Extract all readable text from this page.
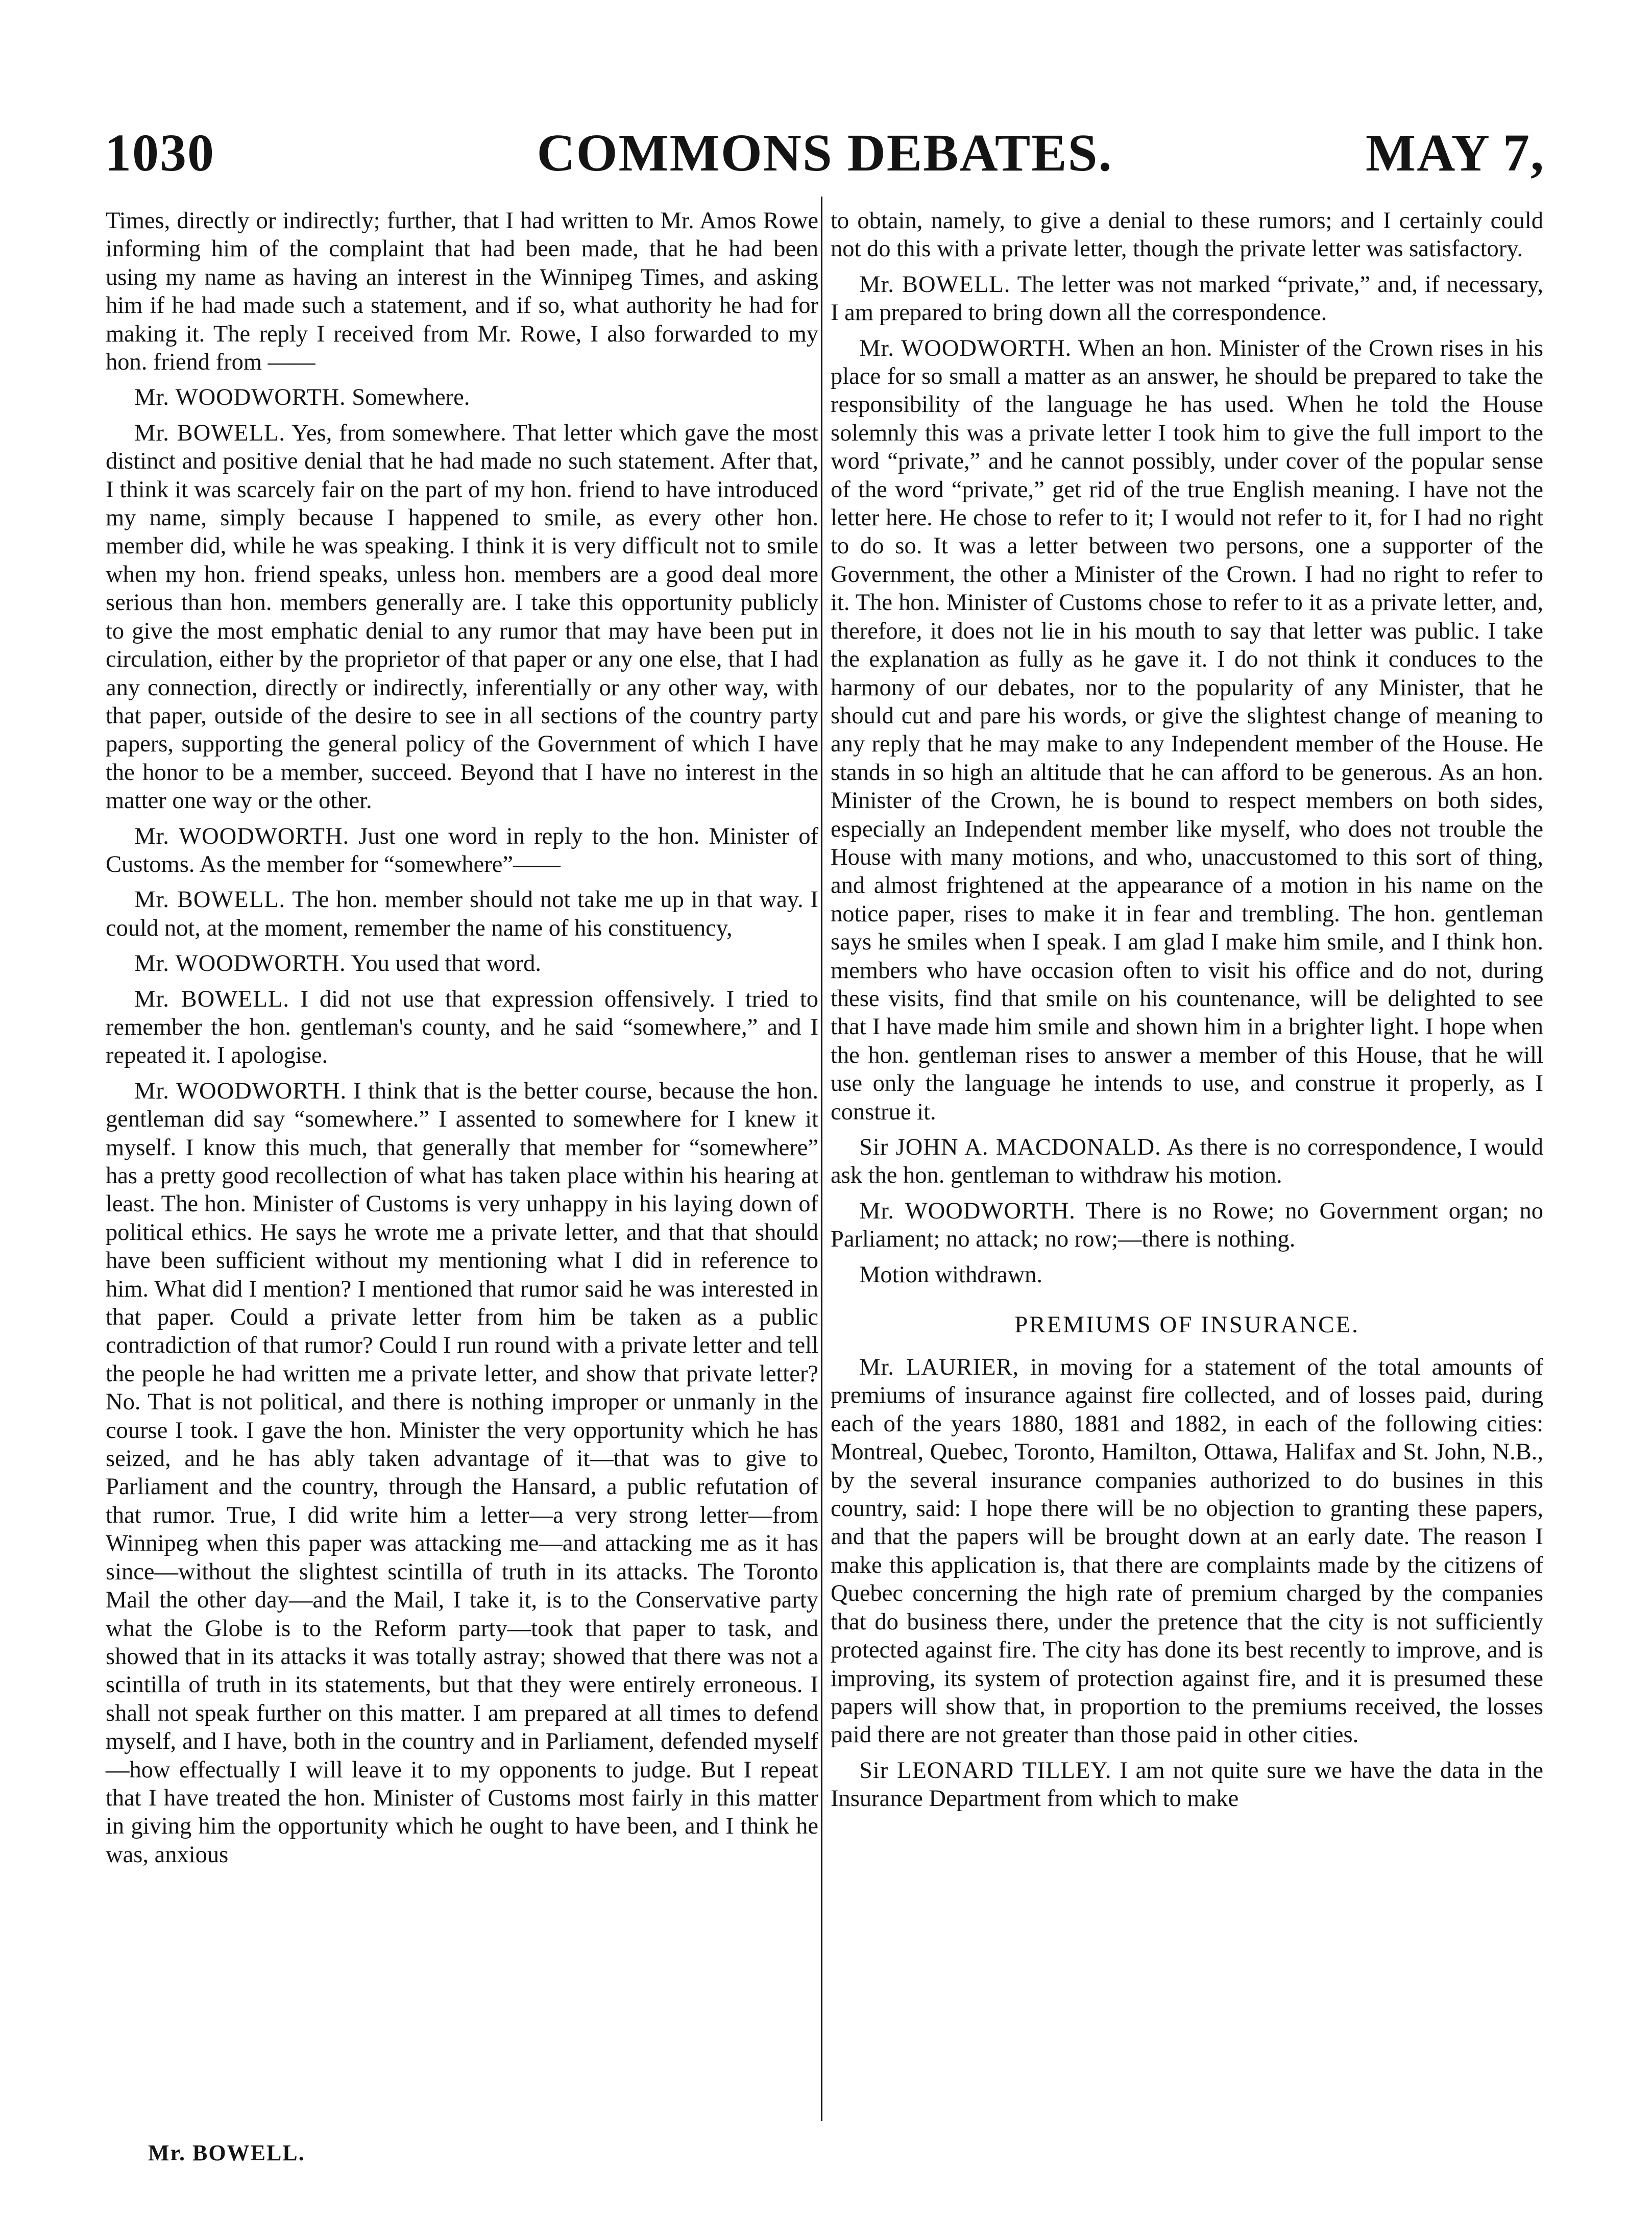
1030	COMMONS DEBATES.	MAY 7,

Times, directly or indirectly; further, that I had written to Mr. Amos Rowe informing him of the complaint that had been made, that he had been using my name as having an interest in the Winnipeg Times, and asking him if he had made such a statement, and if so, what authority he had for making it. The reply I received from Mr. Rowe, I also forwarded to my hon. friend from ——

Mr. WOODWORTH. Somewhere.

Mr. BOWELL. Yes, from somewhere. That letter which gave the most distinct and positive denial that he had made no such statement. After that, I think it was scarcely fair on the part of my hon. friend to have introduced my name, simply because I happened to smile, as every other hon. member did, while he was speaking. I think it is very difficult not to smile when my hon. friend speaks, unless hon. members are a good deal more serious than hon. members generally are. I take this opportunity publicly to give the most emphatic denial to any rumor that may have been put in circulation, either by the proprietor of that paper or any one else, that I had any connection, directly or indirectly, inferentially or any other way, with that paper, outside of the desire to see in all sections of the country party papers, supporting the general policy of the Government of which I have the honor to be a member, succeed. Beyond that I have no interest in the matter one way or the other.

Mr. WOODWORTH. Just one word in reply to the hon. Minister of Customs. As the member for “somewhere”——

Mr. BOWELL. The hon. member should not take me up in that way. I could not, at the moment, remember the name of his constituency,

Mr. WOODWORTH. You used that word.

Mr. BOWELL. I did not use that expression offensively. I tried to remember the hon. gentleman's county, and he said “somewhere,” and I repeated it. I apologise.

Mr. WOODWORTH. I think that is the better course, because the hon. gentleman did say “somewhere.” I assented to somewhere for I knew it myself. I know this much, that generally that member for “somewhere” has a pretty good recollection of what has taken place within his hearing at least. The hon. Minister of Customs is very unhappy in his laying down of political ethics. He says he wrote me a private letter, and that that should have been sufficient without my mentioning what I did in reference to him. What did I mention? I mentioned that rumor said he was interested in that paper. Could a private letter from him be taken as a public contradiction of that rumor? Could I run round with a private letter and tell the people he had written me a private letter, and show that private letter? No. That is not political, and there is nothing improper or unmanly in the course I took. I gave the hon. Minister the very opportunity which he has seized, and he has ably taken advantage of it—that was to give to Parliament and the country, through the Hansard, a public refutation of that rumor. True, I did write him a letter—a very strong letter—from Winnipeg when this paper was attacking me—and attacking me as it has since—without the slightest scintilla of truth in its attacks. The Toronto Mail the other day—and the Mail, I take it, is to the Conservative party what the Globe is to the Reform party—took that paper to task, and showed that in its attacks it was totally astray; showed that there was not a scintilla of truth in its statements, but that they were entirely erroneous. I shall not speak further on this matter. I am prepared at all times to defend myself, and I have, both in the country and in Parliament, defended myself—how effectually I will leave it to my opponents to judge. But I repeat that I have treated the hon. Minister of Customs most fairly in this matter in giving him the opportunity which he ought to have been, and I think he was, anxious

to obtain, namely, to give a denial to these rumors; and I certainly could not do this with a private letter, though the private letter was satisfactory.

Mr. BOWELL. The letter was not marked “private,” and, if necessary, I am prepared to bring down all the correspondence.

Mr. WOODWORTH. When an hon. Minister of the Crown rises in his place for so small a matter as an answer, he should be prepared to take the responsibility of the language he has used. When he told the House solemnly this was a private letter I took him to give the full import to the word “private,” and he cannot possibly, under cover of the popular sense of the word “private,” get rid of the true English meaning. I have not the letter here. He chose to refer to it; I would not refer to it, for I had no right to do so. It was a letter between two persons, one a supporter of the Government, the other a Minister of the Crown. I had no right to refer to it. The hon. Minister of Customs chose to refer to it as a private letter, and, therefore, it does not lie in his mouth to say that letter was public. I take the explanation as fully as he gave it. I do not think it conduces to the harmony of our debates, nor to the popularity of any Minister, that he should cut and pare his words, or give the slightest change of meaning to any reply that he may make to any Independent member of the House. He stands in so high an altitude that he can afford to be generous. As an hon. Minister of the Crown, he is bound to respect members on both sides, especially an Independent member like myself, who does not trouble the House with many motions, and who, unaccustomed to this sort of thing, and almost frightened at the appearance of a motion in his name on the notice paper, rises to make it in fear and trembling. The hon. gentleman says he smiles when I speak. I am glad I make him smile, and I think hon. members who have occasion often to visit his office and do not, during these visits, find that smile on his countenance, will be delighted to see that I have made him smile and shown him in a brighter light. I hope when the hon. gentleman rises to answer a member of this House, that he will use only the language he intends to use, and construe it properly, as I construe it.

Sir JOHN A. MACDONALD. As there is no correspondence, I would ask the hon. gentleman to withdraw his motion.

Mr. WOODWORTH. There is no Rowe; no Government organ; no Parliament; no attack; no row;—there is nothing.

Motion withdrawn.

PREMIUMS OF INSURANCE.

Mr. LAURIER, in moving for a statement of the total amounts of premiums of insurance against fire collected, and of losses paid, during each of the years 1880, 1881 and 1882, in each of the following cities: Montreal, Quebec, Toronto, Hamilton, Ottawa, Halifax and St. John, N.B., by the several insurance companies authorized to do busines in this country, said: I hope there will be no objection to granting these papers, and that the papers will be brought down at an early date. The reason I make this application is, that there are complaints made by the citizens of Quebec concerning the high rate of premium charged by the companies that do business there, under the pretence that the city is not sufficiently protected against fire. The city has done its best recently to improve, and is improving, its system of protection against fire, and it is presumed these papers will show that, in proportion to the premiums received, the losses paid there are not greater than those paid in other cities.

Sir LEONARD TILLEY. I am not quite sure we have the data in the Insurance Department from which to make

Mr. BOWELL.
